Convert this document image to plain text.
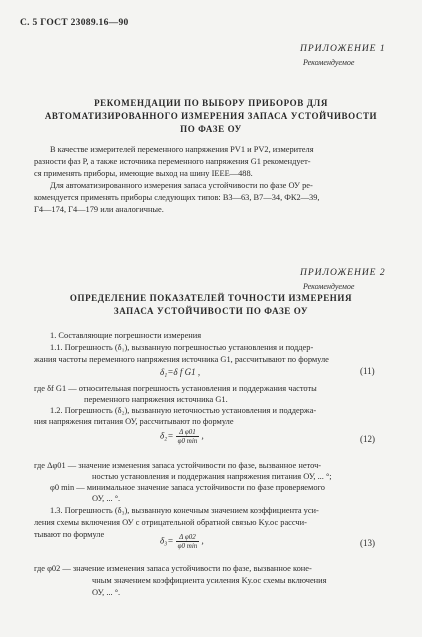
С. 5 ГОСТ 23089.16—90
ПРИЛОЖЕНИЕ 1
Рекомендуемое
РЕКОМЕНДАЦИИ ПО ВЫБОРУ ПРИБОРОВ ДЛЯ
АВТОМАТИЗИРОВАННОГО ИЗМЕРЕНИЯ ЗАПАСА УСТОЙЧИВОСТИ
ПО ФАЗЕ ОУ
В качестве измерителей переменного напряжения PV1 и PV2, измерителя
разности фаз P, а также источника переменного напряжения G1 рекомендует-
ся применять приборы, имеющие выход на шину IEEE—488.
Для автоматизированного измерения запаса устойчивости по фазе ОУ ре-
комендуется применять приборы следующих типов: В3—63, В7—34, ФК2—39,
Г4—174, Г4—179 или аналогичные.
ПРИЛОЖЕНИЕ 2
Рекомендуемое
ОПРЕДЕЛЕНИЕ ПОКАЗАТЕЛЕЙ ТОЧНОСТИ ИЗМЕРЕНИЯ
ЗАПАСА УСТОЙЧИВОСТИ ПО ФАЗЕ ОУ
1. Составляющие погрешности измерения
1.1. Погрешность (δ₁), вызванную погрешностью установления и поддер-
жания частоты переменного напряжения источника G1, рассчитывают по формуле
δ₁=δ f G1 ,	(11)
где δf G1 — относительная погрешность установления и поддержания частоты
переменного напряжения источника G1.
1.2. Погрешность (δ₂), вызванную неточностью установления и поддержа-
ния напряжения питания ОУ, рассчитывают по формуле
$\delta_2= \frac{\text{Δ φ01}}{\varphi 0 \min}$ ,	(12)
где Δφ01 — значение изменения запаса устойчивости по фазе, вызванное неточ-
ностью установления и поддержания напряжения питания ОУ, ... °;
φ0 min — минимальное значение запаса устойчивости по фазе проверяемого
ОУ, ... °.
1.3. Погрешность (δ₃), вызванную конечным значением коэффициента уси-
ления схемы включения ОУ с отрицательной обратной связью Kу.ос рассчи-
тывают по формуле
$\delta_3= \frac{\text{Δ φ02}}{\varphi 0 \min}$ ,	(13)
где φ02 — значение изменения запаса устойчивости по фазе, вызванное коне-
чным значением коэффициента усиления Kу.ос схемы включения
ОУ, ... °.
